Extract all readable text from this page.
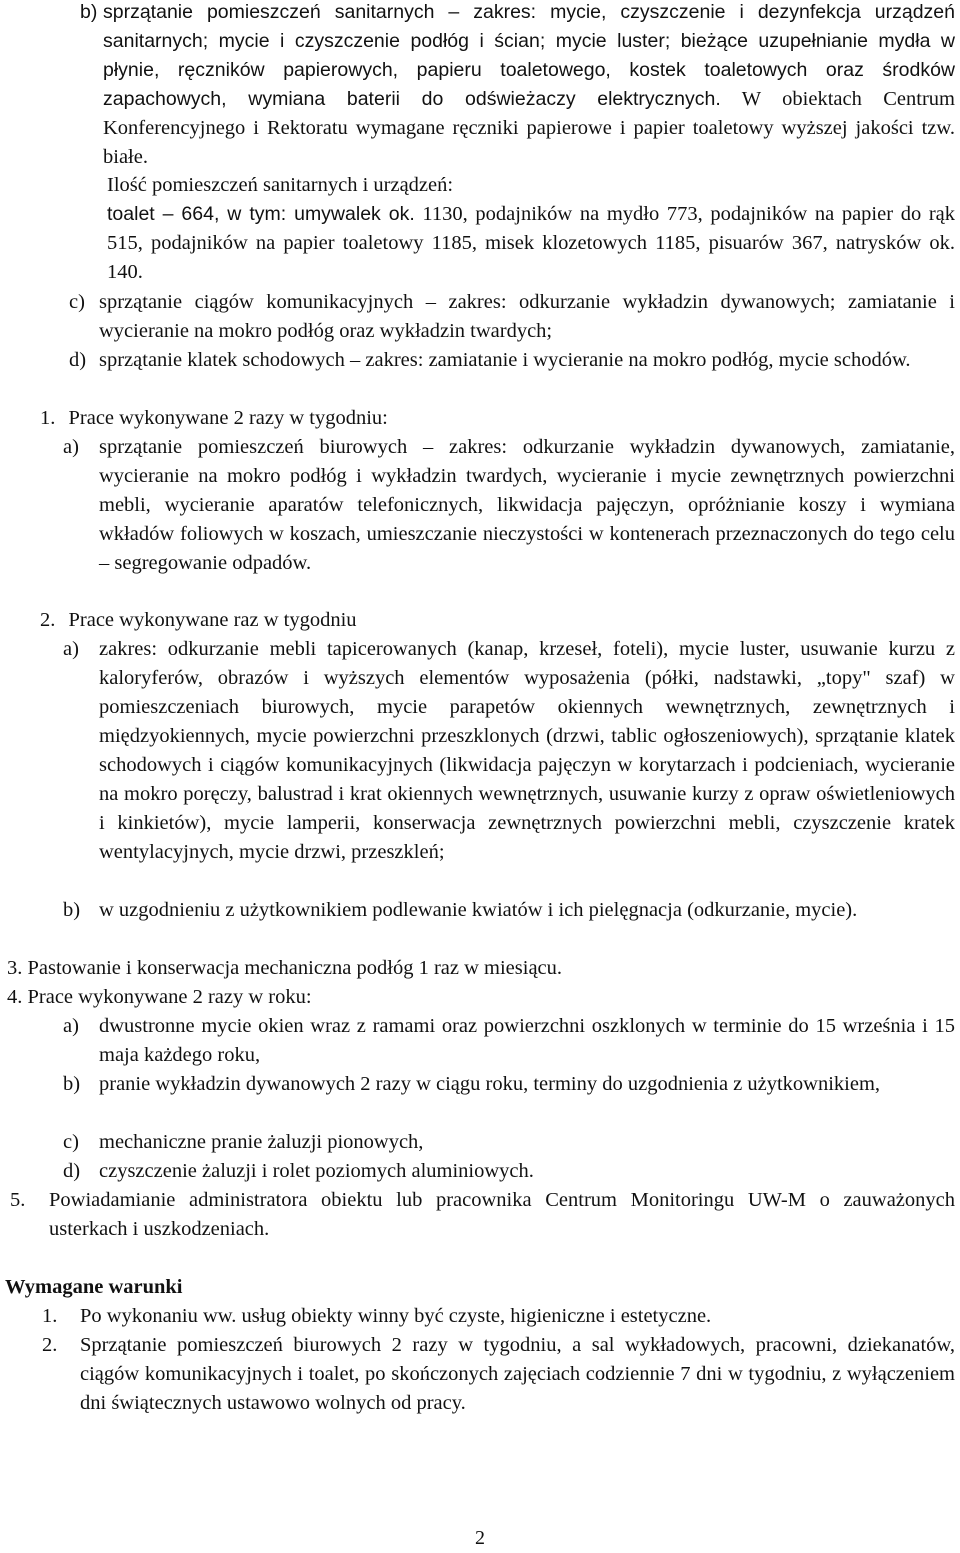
b) sprzątanie pomieszczeń sanitarnych – zakres: mycie, czyszczenie i dezynfekcja urządzeń sanitarnych; mycie i czyszczenie podłóg i ścian; mycie luster; bieżące uzupełnianie mydła w płynie, ręczników papierowych, papieru toaletowego, kostek toaletowych oraz środków zapachowych, wymiana baterii do odświeżaczy elektrycznych. W obiektach Centrum Konferencyjnego i Rektoratu wymagane ręczniki papierowe i papier toaletowy wyższej jakości tzw. białe.
Ilość pomieszczeń sanitarnych i urządzeń:
toalet – 664, w tym: umywalek ok. 1130, podajników na mydło 773, podajników na papier do rąk 515, podajników na papier toaletowy 1185, misek klozetowych 1185, pisuarów 367, natrysków ok. 140.
c) sprzątanie ciągów komunikacyjnych – zakres: odkurzanie wykładzin dywanowych; zamiatanie i wycieranie na mokro podłóg oraz wykładzin twardych;
d) sprzątanie klatek schodowych – zakres: zamiatanie i wycieranie na mokro podłóg, mycie schodów.
1. Prace wykonywane 2 razy w tygodniu:
a) sprzątanie pomieszczeń biurowych – zakres: odkurzanie wykładzin dywanowych, zamiatanie, wycieranie na mokro podłóg i wykładzin twardych, wycieranie i mycie zewnętrznych powierzchni mebli, wycieranie aparatów telefonicznych, likwidacja pajęczyn, opróżnianie koszy i wymiana wkładów foliowych w koszach, umieszczanie nieczystości w kontenerach przeznaczonych do tego celu – segregowanie odpadów.
2. Prace wykonywane raz w tygodniu
a) zakres: odkurzanie mebli tapicerowanych (kanap, krzeseł, foteli), mycie luster, usuwanie kurzu z kaloryferów, obrazów i wyższych elementów wyposażenia (półki, nadstawki, „topy" szaf) w pomieszczeniach biurowych, mycie parapetów okiennych wewnętrznych, zewnętrznych i międzyokiennych, mycie powierzchni przeszklonych (drzwi, tablic ogłoszeniowych), sprzątanie klatek schodowych i ciągów komunikacyjnych (likwidacja pajęczyn w korytarzach i podcieniach, wycieranie na mokro poręczy, balustrad i krat okiennych wewnętrznych, usuwanie kurzy z opraw oświetleniowych i kinkietów), mycie lamperii, konserwacja zewnętrznych powierzchni mebli, czyszczenie kratek wentylacyjnych, mycie drzwi, przeszkleń;
b) w uzgodnieniu z użytkownikiem podlewanie kwiatów i ich pielęgnacja (odkurzanie, mycie).
3. Pastowanie i konserwacja mechaniczna podłóg 1 raz w miesiącu.
4. Prace wykonywane 2 razy w roku:
a) dwustronne mycie okien wraz z ramami oraz powierzchni oszklonych w terminie do 15 września i 15 maja każdego roku,
b) pranie wykładzin dywanowych 2 razy w ciągu roku, terminy do uzgodnienia z użytkownikiem,
c) mechaniczne pranie żaluzji pionowych,
d) czyszczenie żaluzji i rolet poziomych aluminiowych.
5. Powiadamianie administratora obiektu lub pracownika Centrum Monitoringu UW-M o zauważonych usterkach i uszkodzeniach.
Wymagane warunki
1. Po wykonaniu ww. usług obiekty winny być czyste, higieniczne i estetyczne.
2. Sprzątanie pomieszczeń biurowych 2 razy w tygodniu, a sal wykładowych, pracowni, dziekanatów, ciągów komunikacyjnych i toalet, po skończonych zajęciach codziennie 7 dni w tygodniu, z wyłączeniem dni świątecznych ustawowo wolnych od pracy.
2
